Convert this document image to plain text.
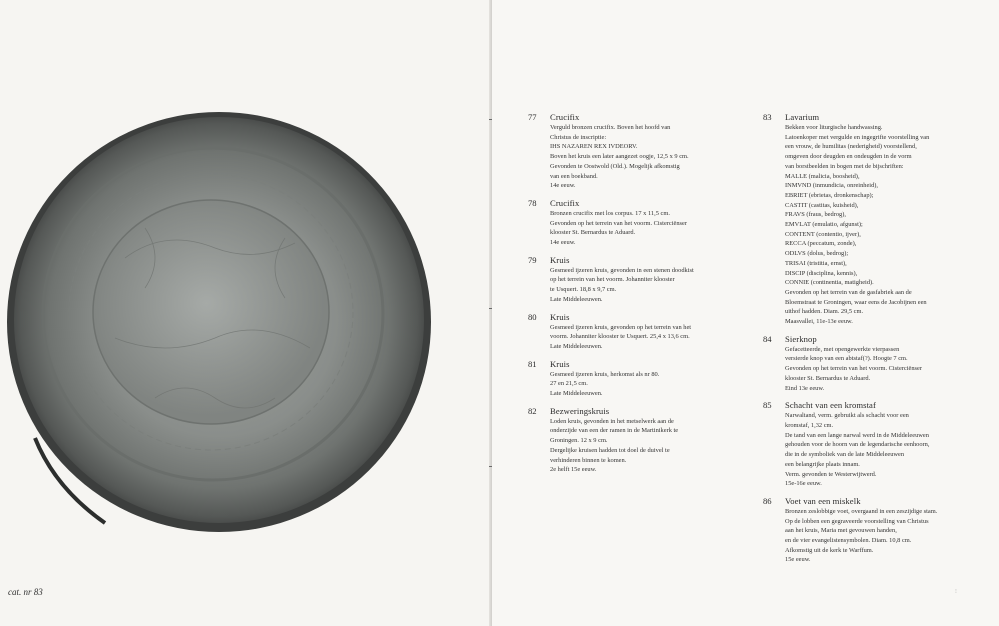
cat. nr 83
77 Crucifix
Verguld bronzen crucifix. Boven het hoofd van
Christus de inscriptie:
IHS NAZAREN REX IVDEORV.
Boven het kruis een later aangezet oogje, 12,5 x 9 cm.
Gevonden te Oostwold (Old.). Mogelijk afkomstig
van een boekband.
14e eeuw.
78 Crucifix
Bronzen crucifix met los corpus. 17 x 11,5 cm.
Gevonden op het terrein van het voorm. Cisterciënser
klooster St. Bernardus te Aduard.
14e eeuw.
79 Kruis
Gesmeed ijzeren kruis, gevonden in een stenen doodkist
op het terrein van het voorm. Johanniter klooster
te Usquert. 18,8 x 9,7 cm.
Late Middeleeuwen.
80 Kruis
Gesmeed ijzeren kruis, gevonden op het terrein van het
voorm. Johanniter klooster te Usquert. 25,4 x 13,6 cm.
Late Middeleeuwen.
81 Kruis
Gesmeed ijzeren kruis, herkomst als nr 80.
27 en 21,5 cm.
Late Middeleeuwen.
82 Bezweringskruis
Loden kruis, gevonden in het metselwerk aan de
onderzijde van een der ramen in de Martinikerk te
Groningen. 12 x 9 cm.
Dergelijke kruisen hadden tot doel de duivel te
verhinderen binnen te komen.
2e helft 15e eeuw.
83 Lavarium
Bekken voor liturgische handwassing.
Latoenkoper met vergulde en ingegrifte voorstelling van
een vrouw, de humilitas (nederigheid) voorstellend,
omgeven door deugden en ondeugden in de vorm
van borstbeelden in bogen met de bijschriften:
MALLE (malicia, boosheid),
INMVND (inmundicia, onreinheid),
EBRIET (ebrietas, dronkenschap);
CASTIT (castitas, kuisheid),
FRAVS (fraus, bedrog),
EMVLAT (emulatio, afgunst);
CONTENT (contentio, ijver),
RECCA (peccatum, zonde),
ODLVS (dolus, bedrog);
TRISAI (tristitia, ernst),
DISCIP (disciplina, kennis),
CONNIE (continentia, matigheid).
Gevonden op het terrein van de gasfabriek aan de
Bloemstraat te Groningen, waar eens de Jacobijnen een
uithof hadden. Diam. 29,5 cm.
Maasvallei, 11e-13e eeuw.
84 Sierknop
Gefacetteerde, met opengewerkte vierpassen
versierde knop van een abtstaf(?). Hoogte 7 cm.
Gevonden op het terrein van het voorm. Cisterciënser
klooster St. Bernardus te Aduard.
Eind 13e eeuw.
85 Schacht van een kromstaf
Narwaltand, verm. gebruikt als schacht voor een
kromstaf, 1,32 cm.
De tand van een lange narwal werd in de Middeleeuwen
gehouden voor de hoorn van de legendarische eenhoorn,
die in de symboliek van de late Middeleeuwen
een belangrijke plaats innam.
Verm. gevonden te Westerwijtwerd.
15e-16e eeuw.
86 Voet van een miskelk
Bronzen zeslobbige voet, overgaand in een zeszijdige stam.
Op de lobben een gegraveerde voorstelling van Christus
aan het kruis, Maria met gevouwen handen,
en de vier evangelistensymbolen. Diam. 10,8 cm.
Afkomstig uit de kerk te Warffum.
15e eeuw.
⁝
